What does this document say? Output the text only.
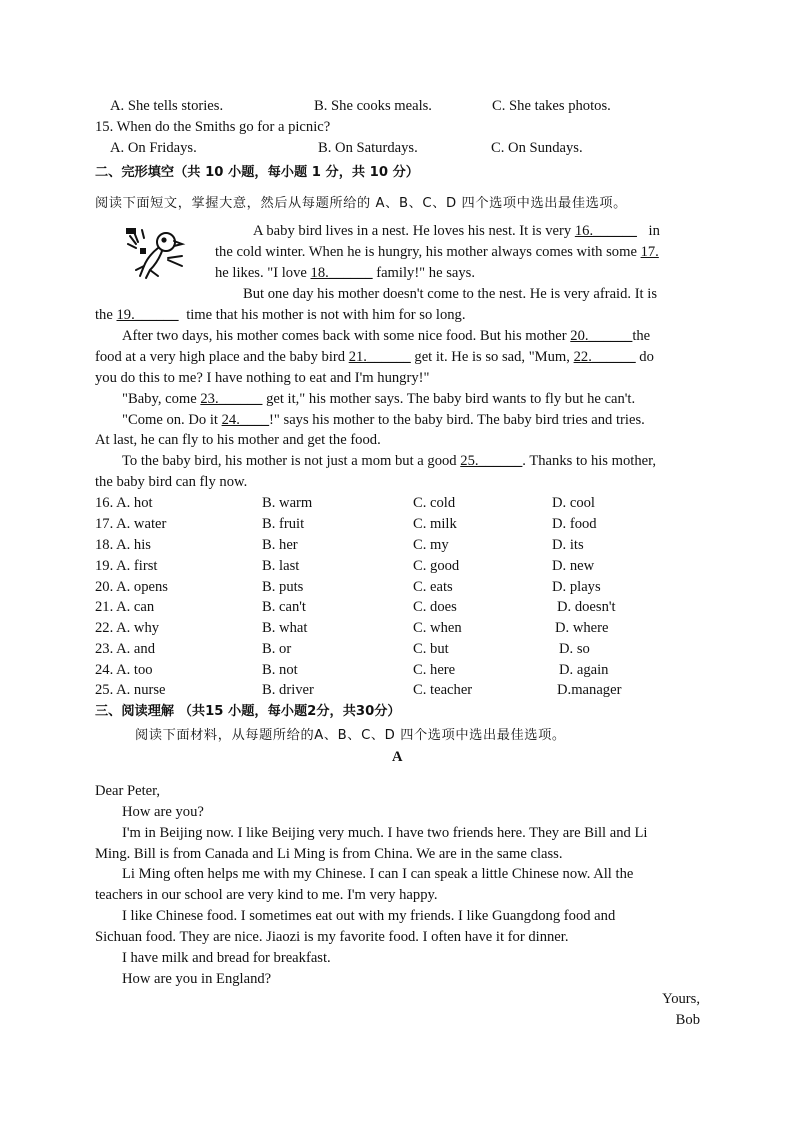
A. She tells stories.	B. She cooks meals.	C. She takes photos.
15. When do the Smiths go for a picnic?
A. On Fridays.	B. On Saturdays.	C. On Sundays.
二、完形填空（共 10 小题，每小题 1 分，共 10 分）
阅读下面短文，掌握大意，然后从每题所给的 A、B、C、D 四个选项中选出最佳选项。
A baby bird lives in a nest. He loves his nest. It is very 16.______ in
the cold winter. When he is hungry, his mother always comes with some 17.
he likes. "I love 18.______ family!" he says.
But one day his mother doesn't come to the nest. He is very afraid. It is
the 19.______ time that his mother is not with him for so long.
After two days, his mother comes back with some nice food. But his mother 20.______the
food at a very high place and the baby bird 21.______ get it. He is so sad, "Mum, 22.______ do
you do this to me? I have nothing to eat and I'm hungry!"
"Baby, come 23.______ get it," his mother says. The baby bird wants to fly but he can't.
"Come on. Do it 24.____!" says his mother to the baby bird. The baby bird tries and tries.
At last, he can fly to his mother and get the food.
To the baby bird, his mother is not just a mom but a good 25.______. Thanks to his mother,
the baby bird can fly now.
16. A. hot	B. warm	C. cold	D. cool
17. A. water	B. fruit	C. milk	D. food
18. A. his	B. her	C. my	D. its
19. A. first	B. last	C. good	D. new
20. A. opens	B. puts	C. eats	D. plays
21. A. can	B. can't	C. does	D. doesn't
22. A. why	B. what	C. when	D. where
23. A. and	B. or	C. but	D. so
24. A. too	B. not	C. here	D. again
25. A. nurse	B. driver	C. teacher	D.manager
三、阅读理解 （共15 小题，每小题2分，共30分）
阅读下面材料，从每题所给的A、B、C、D 四个选项中选出最佳选项。
A
Dear Peter,
How are you?
I'm in Beijing now. I like Beijing very much. I have two friends here. They are Bill and Li
Ming. Bill is from Canada and Li Ming is from China. We are in the same class.
Li Ming often helps me with my Chinese. I can I can speak a little Chinese now. All the
teachers in our school are very kind to me. I'm very happy.
I like Chinese food. I sometimes eat out with my friends. I like Guangdong food and
Sichuan food. They are nice. Jiaozi is my favorite food. I often have it for dinner.
I have milk and bread for breakfast.
How are you in England?
Yours,
Bob
